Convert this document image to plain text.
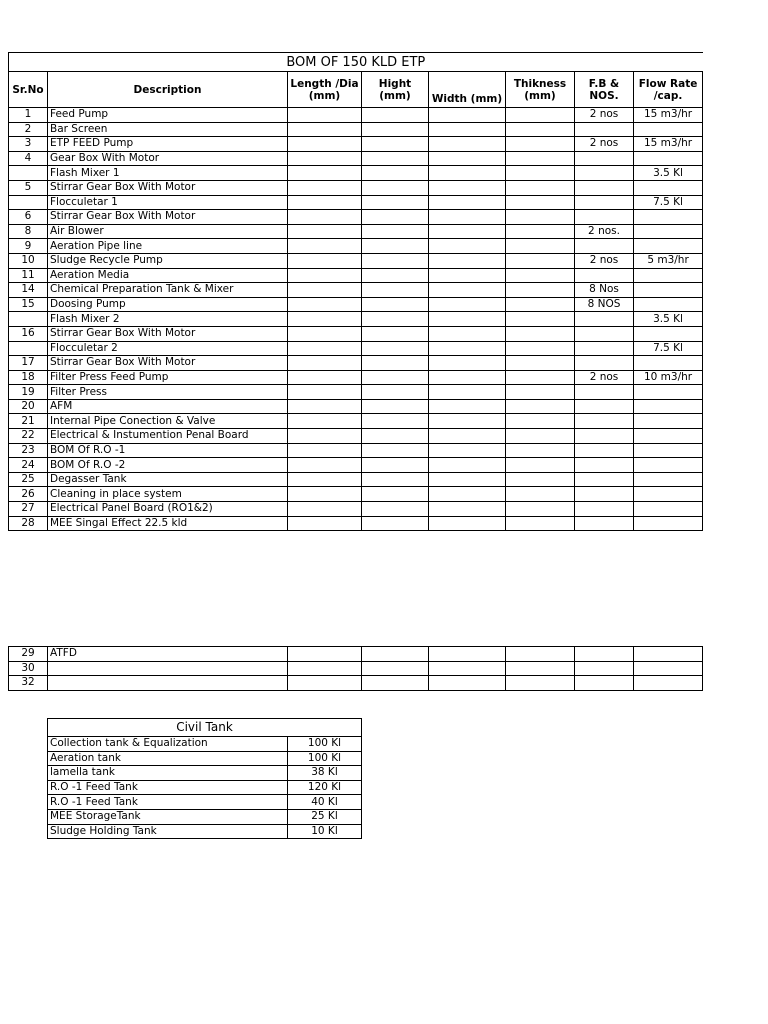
BOM OF 150 KLD ETP							
Sr.No	Description	Length /Dia (mm)	Hight (mm)	Width (mm)	Thikness (mm)	F.B & NOS.	Flow Rate /cap.
1	Feed Pump					2 nos	15 m3/hr
2	Bar Screen						
3	ETP FEED Pump					2 nos	15 m3/hr
4	Gear Box With Motor						
	Flash Mixer 1						3.5 Kl
5	Stirrar Gear Box With Motor						
	Flocculetar 1						7.5 Kl
6	Stirrar Gear Box With Motor						
8	Air Blower					2 nos.	
9	Aeration Pipe line						
10	Sludge Recycle Pump					2 nos	5 m3/hr
11	Aeration Media						
14	Chemical Preparation Tank & Mixer					8 Nos	
15	Doosing Pump					8 NOS	
	Flash Mixer 2						3.5 Kl
16	Stirrar Gear Box With Motor						
	Flocculetar 2						7.5 Kl
17	Stirrar Gear Box With Motor						
18	Filter Press Feed Pump					2 nos	10 m3/hr
19	Filter Press						
20	AFM						
21	Internal Pipe Conection & Valve						
22	Electrical & Instumention Penal Board						
23	BOM Of R.O -1						
24	BOM Of R.O -2						
25	Degasser Tank						
26	Cleaning in place system						
27	Electrical Panel Board (RO1&2)						
28	MEE Singal Effect 22.5 kld						
29	ATFD						
30							
32							
Civil Tank	
Collection tank & Equalization	100 Kl
Aeration tank	100 Kl
lamella tank	38 Kl
R.O -1 Feed Tank	120 Kl
R.O -1 Feed Tank	40 Kl
MEE StorageTank	25 Kl
Sludge Holding Tank	10 Kl
